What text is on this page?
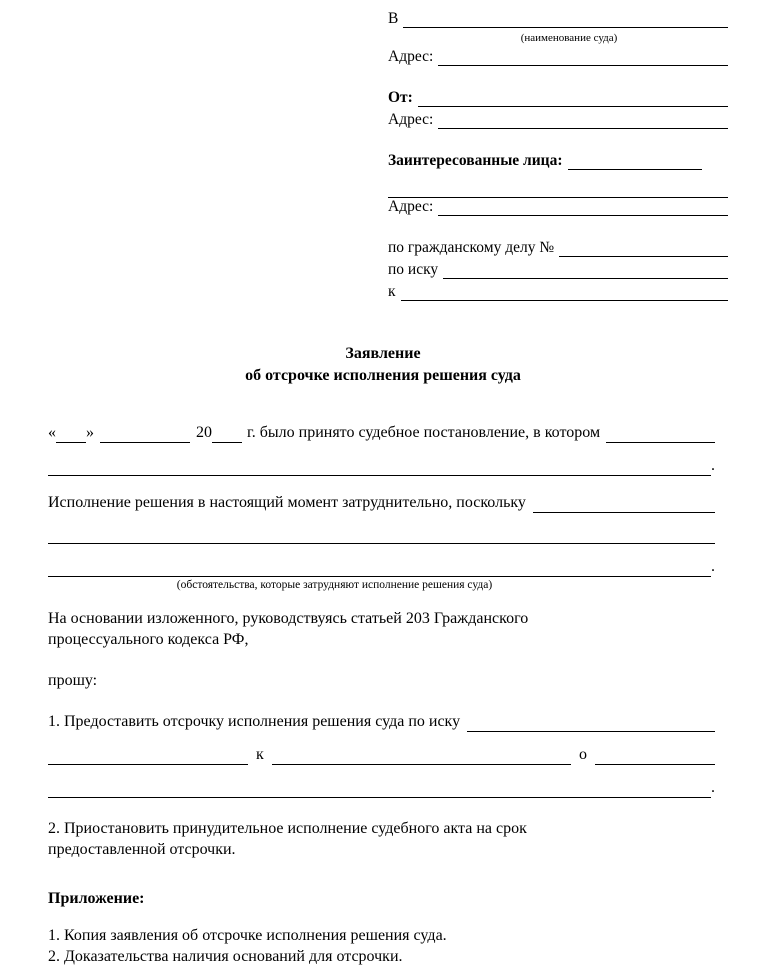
В
(наименование суда)
Адрес:
От:
Адрес:
Заинтересованные лица:
Адрес:
по гражданскому делу №
по иску
к
Заявление
об отсрочке исполнения решения суда
« »	20 г. было принято судебное постановление, в котором
.
Исполнение решения в настоящий момент затруднительно, поскольку
.
(обстоятельства, которые затрудняют исполнение решения суда)
На основании изложенного, руководствуясь статьей 203 Гражданского
процессуального кодекса РФ,
прошу:
1. Предоставить отсрочку исполнения решения суда по иску
к	о
.
2. Приостановить принудительное исполнение судебного акта на срок
предоставленной отсрочки.
Приложение:
1. Копия заявления об отсрочке исполнения решения суда.
2. Доказательства наличия оснований для отсрочки.
